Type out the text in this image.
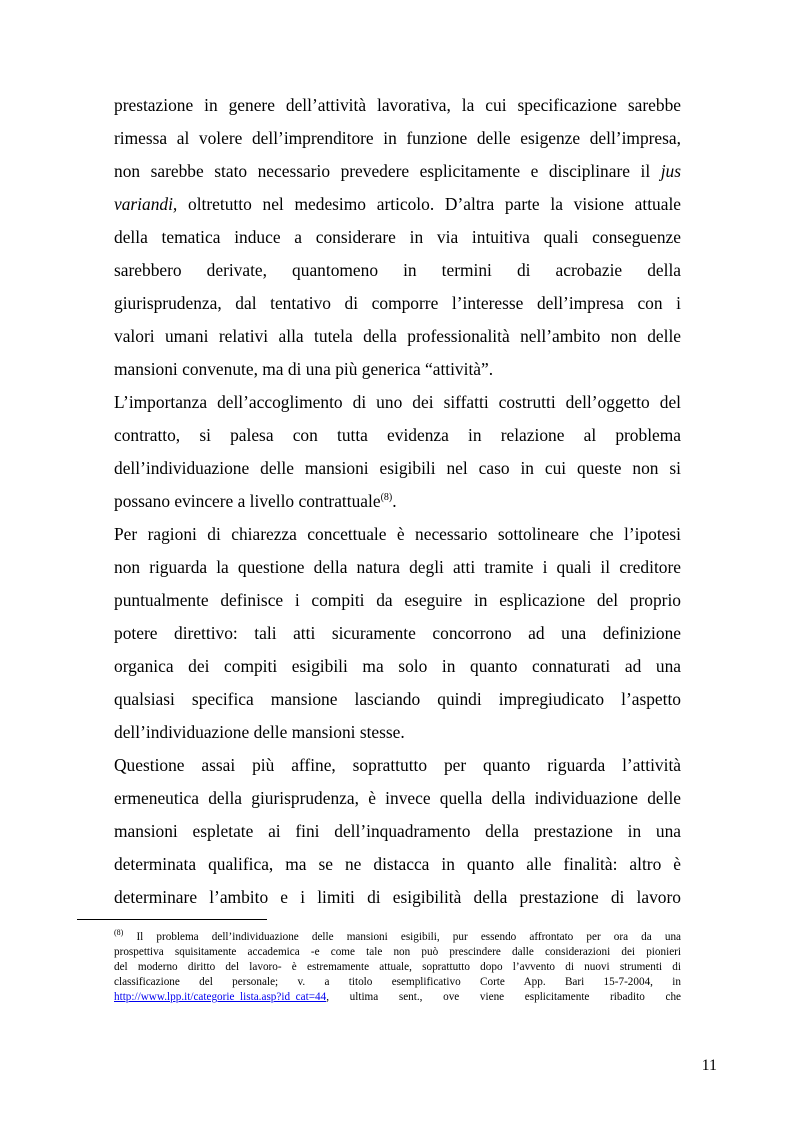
prestazione in genere dell’attività lavorativa, la cui specificazione sarebbe
rimessa al volere dell’imprenditore in funzione delle esigenze dell’impresa,
non sarebbe stato necessario prevedere esplicitamente e disciplinare il jus
variandi, oltretutto nel medesimo articolo. D’altra parte la visione attuale
della tematica induce a considerare in via intuitiva quali conseguenze
sarebbero derivate, quantomeno in termini di acrobazie della
giurisprudenza, dal tentativo di comporre l’interesse dell’impresa con i
valori umani relativi alla tutela della professionalità nell’ambito non delle
mansioni convenute, ma di una più generica “attività”.
L’importanza dell’accoglimento di uno dei siffatti costrutti dell’oggetto del
contratto, si palesa con tutta evidenza in relazione al problema
dell’individuazione delle mansioni esigibili nel caso in cui queste non si
possano evincere a livello contrattuale$^{(8)}$.
Per ragioni di chiarezza concettuale è necessario sottolineare che l’ipotesi
non riguarda la questione della natura degli atti tramite i quali il creditore
puntualmente definisce i compiti da eseguire in esplicazione del proprio
potere direttivo: tali atti sicuramente concorrono ad una definizione
organica dei compiti esigibili ma solo in quanto connaturati ad una
qualsiasi specifica mansione lasciando quindi impregiudicato l’aspetto
dell’individuazione delle mansioni stesse.
Questione assai più affine, soprattutto per quanto riguarda l’attività
ermeneutica della giurisprudenza, è invece quella della individuazione delle
mansioni espletate ai fini dell’inquadramento della prestazione in una
determinata qualifica, ma se ne distacca in quanto alle finalità: altro è
determinare l’ambito e i limiti di esigibilità della prestazione di lavoro
$^{(8)}$ Il problema dell’individuazione delle mansioni esigibili, pur essendo affrontato per ora da una
prospettiva squisitamente accademica -e come tale non può prescindere dalle considerazioni dei pionieri
del moderno diritto del lavoro- è estremamente attuale, soprattutto dopo l’avvento di nuovi strumenti di
classificazione del personale; v. a titolo esemplificativo Corte App. Bari 15-7-2004, in
http://www.lpp.it/categorie_lista.asp?id_cat=44, ultima sent., ove viene esplicitamente ribadito che
11
